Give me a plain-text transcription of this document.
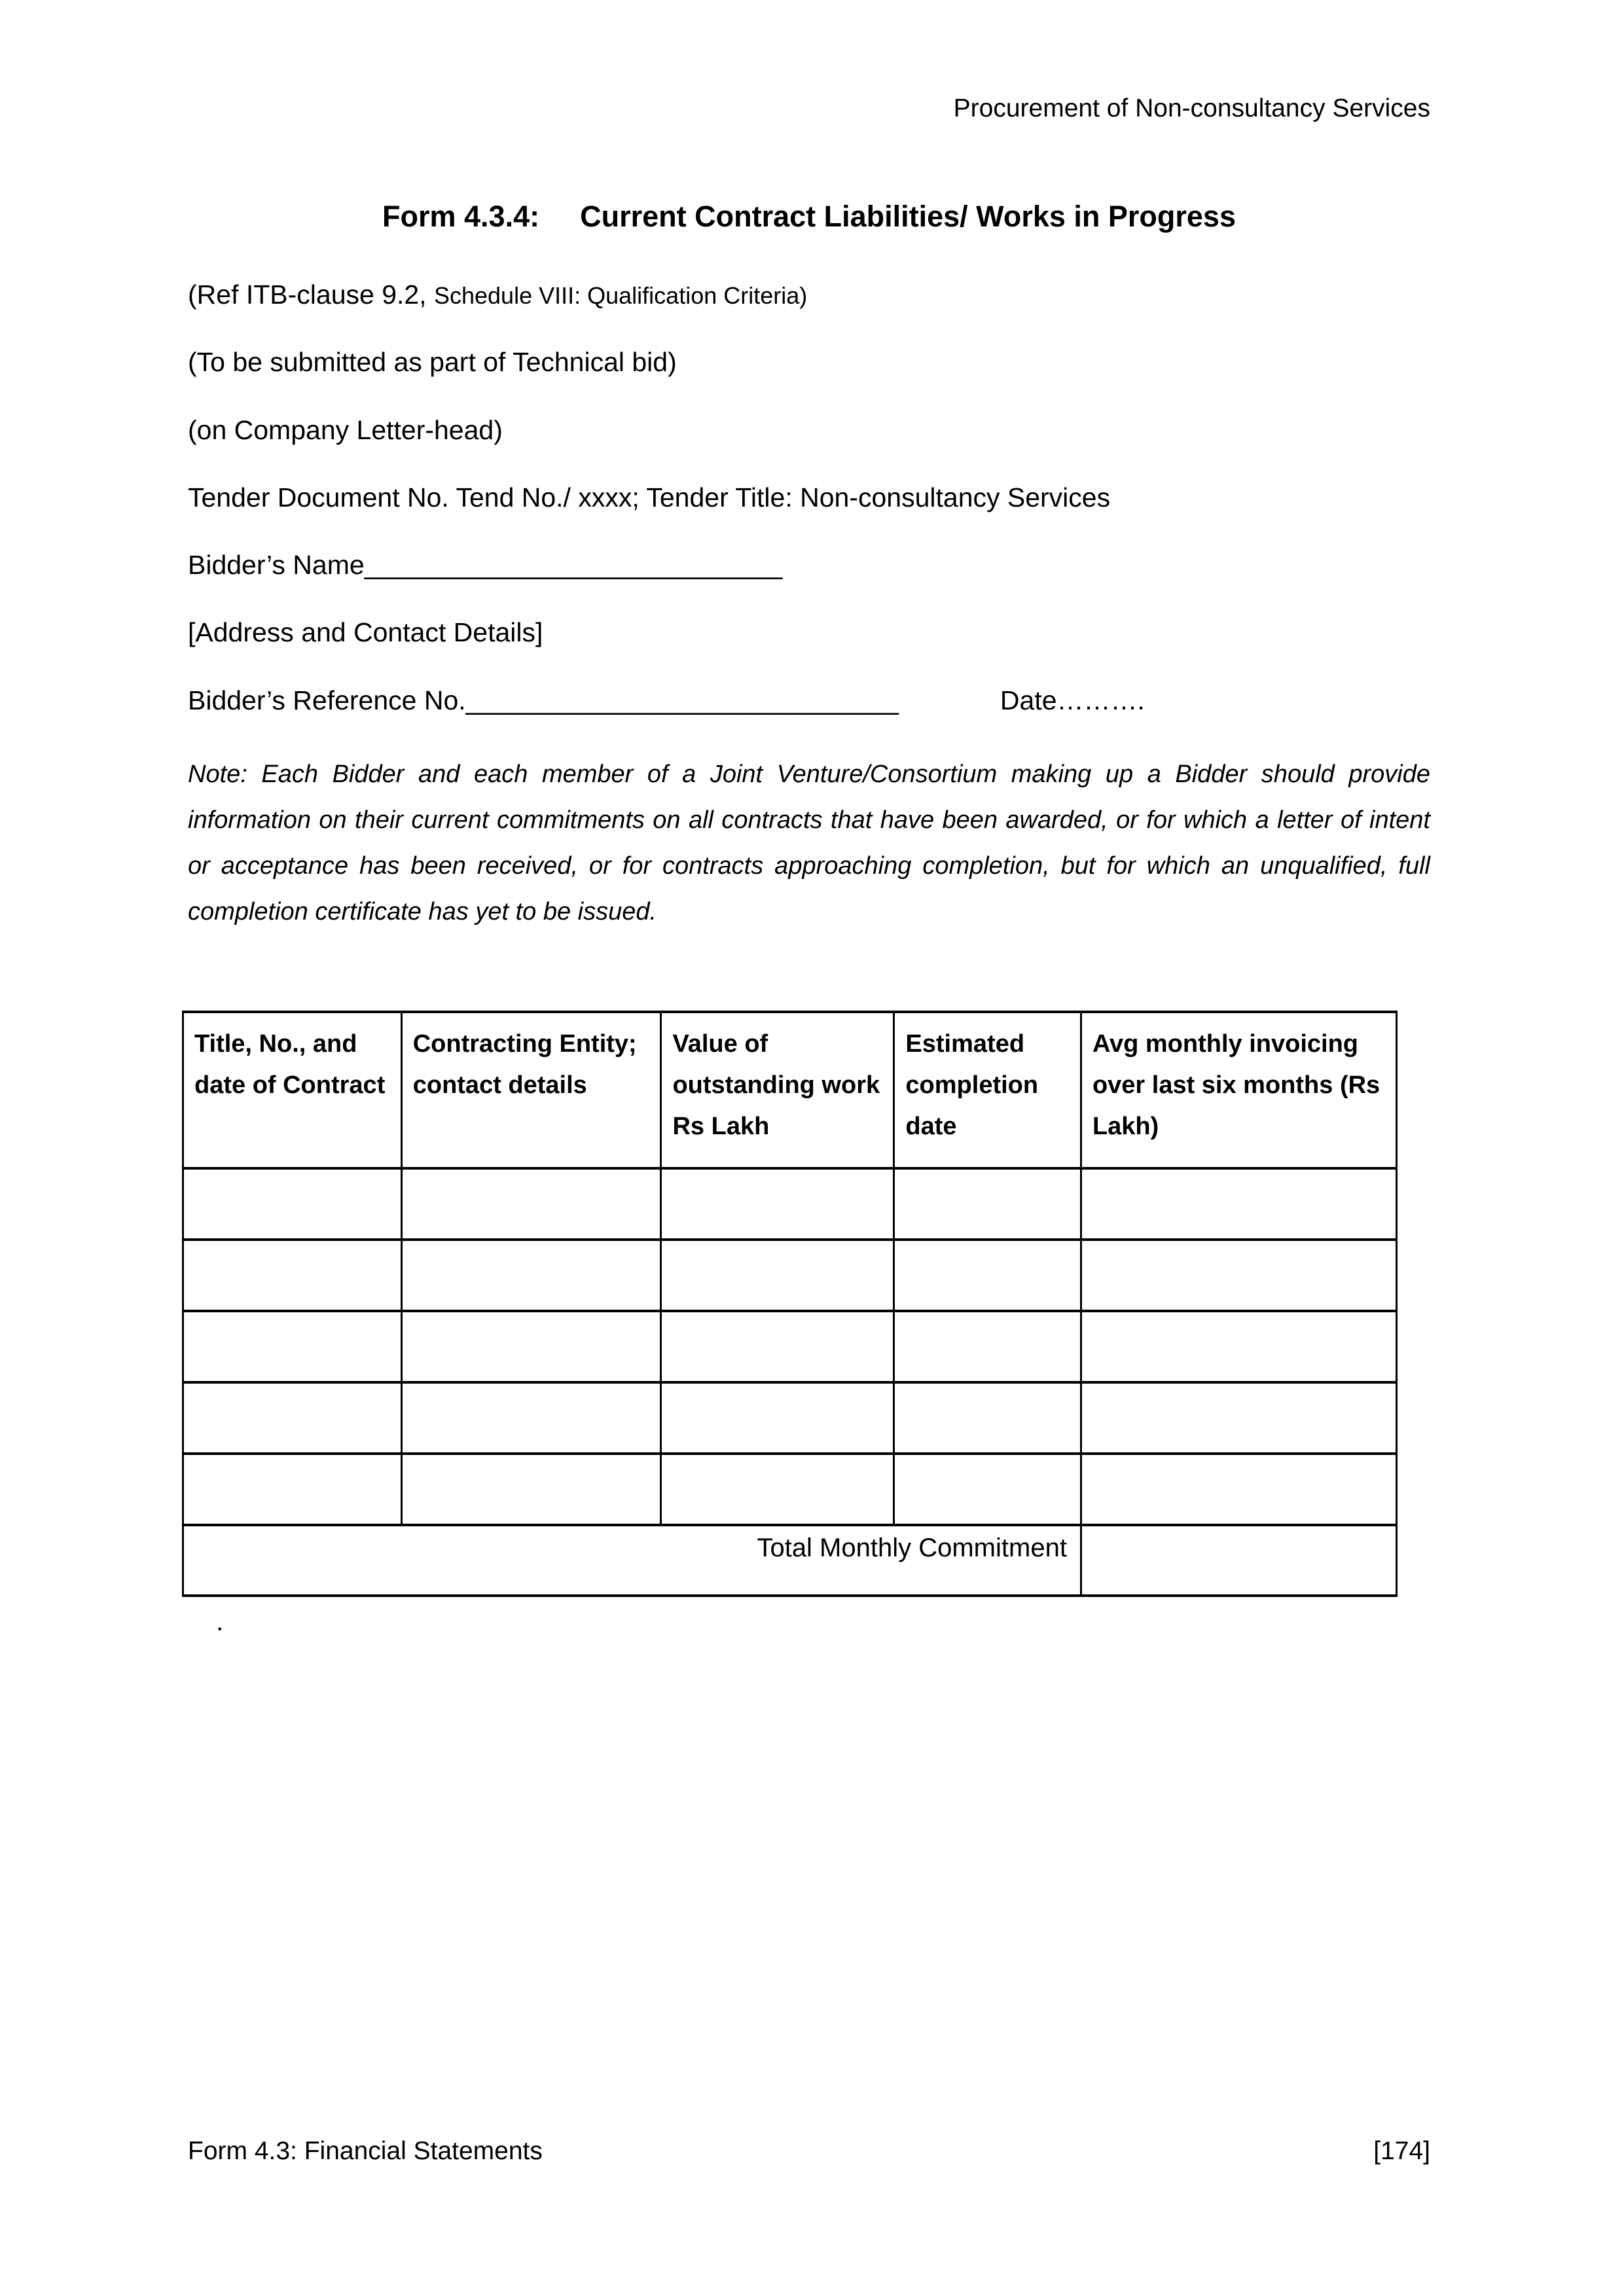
Procurement of Non-consultancy Services
Form 4.3.4: Current Contract Liabilities/ Works in Progress

(Ref ITB-clause 9.2, Schedule VIII: Qualification Criteria)

(To be submitted as part of Technical bid)

(on Company Letter-head)

Tender Document No. Tend No./ xxxx; Tender Title: Non-consultancy Services

Bidder’s Name____________________________

[Address and Contact Details]

Bidder’s Reference No._____________________________	Date……….

Note: Each Bidder and each member of a Joint Venture/Consortium making up a Bidder should provide information on their current commitments on all contracts that have been awarded, or for which a letter of intent or acceptance has been received, or for contracts approaching completion, but for which an unqualified, full completion certificate has yet to be issued.

Title, No., and date of Contract	Contracting Entity; contact details	Value of outstanding work Rs Lakh	Estimated completion date	Avg monthly invoicing over last six months (Rs Lakh)

Total Monthly Commitment				

.

Form 4.3: Financial Statements	[174]
